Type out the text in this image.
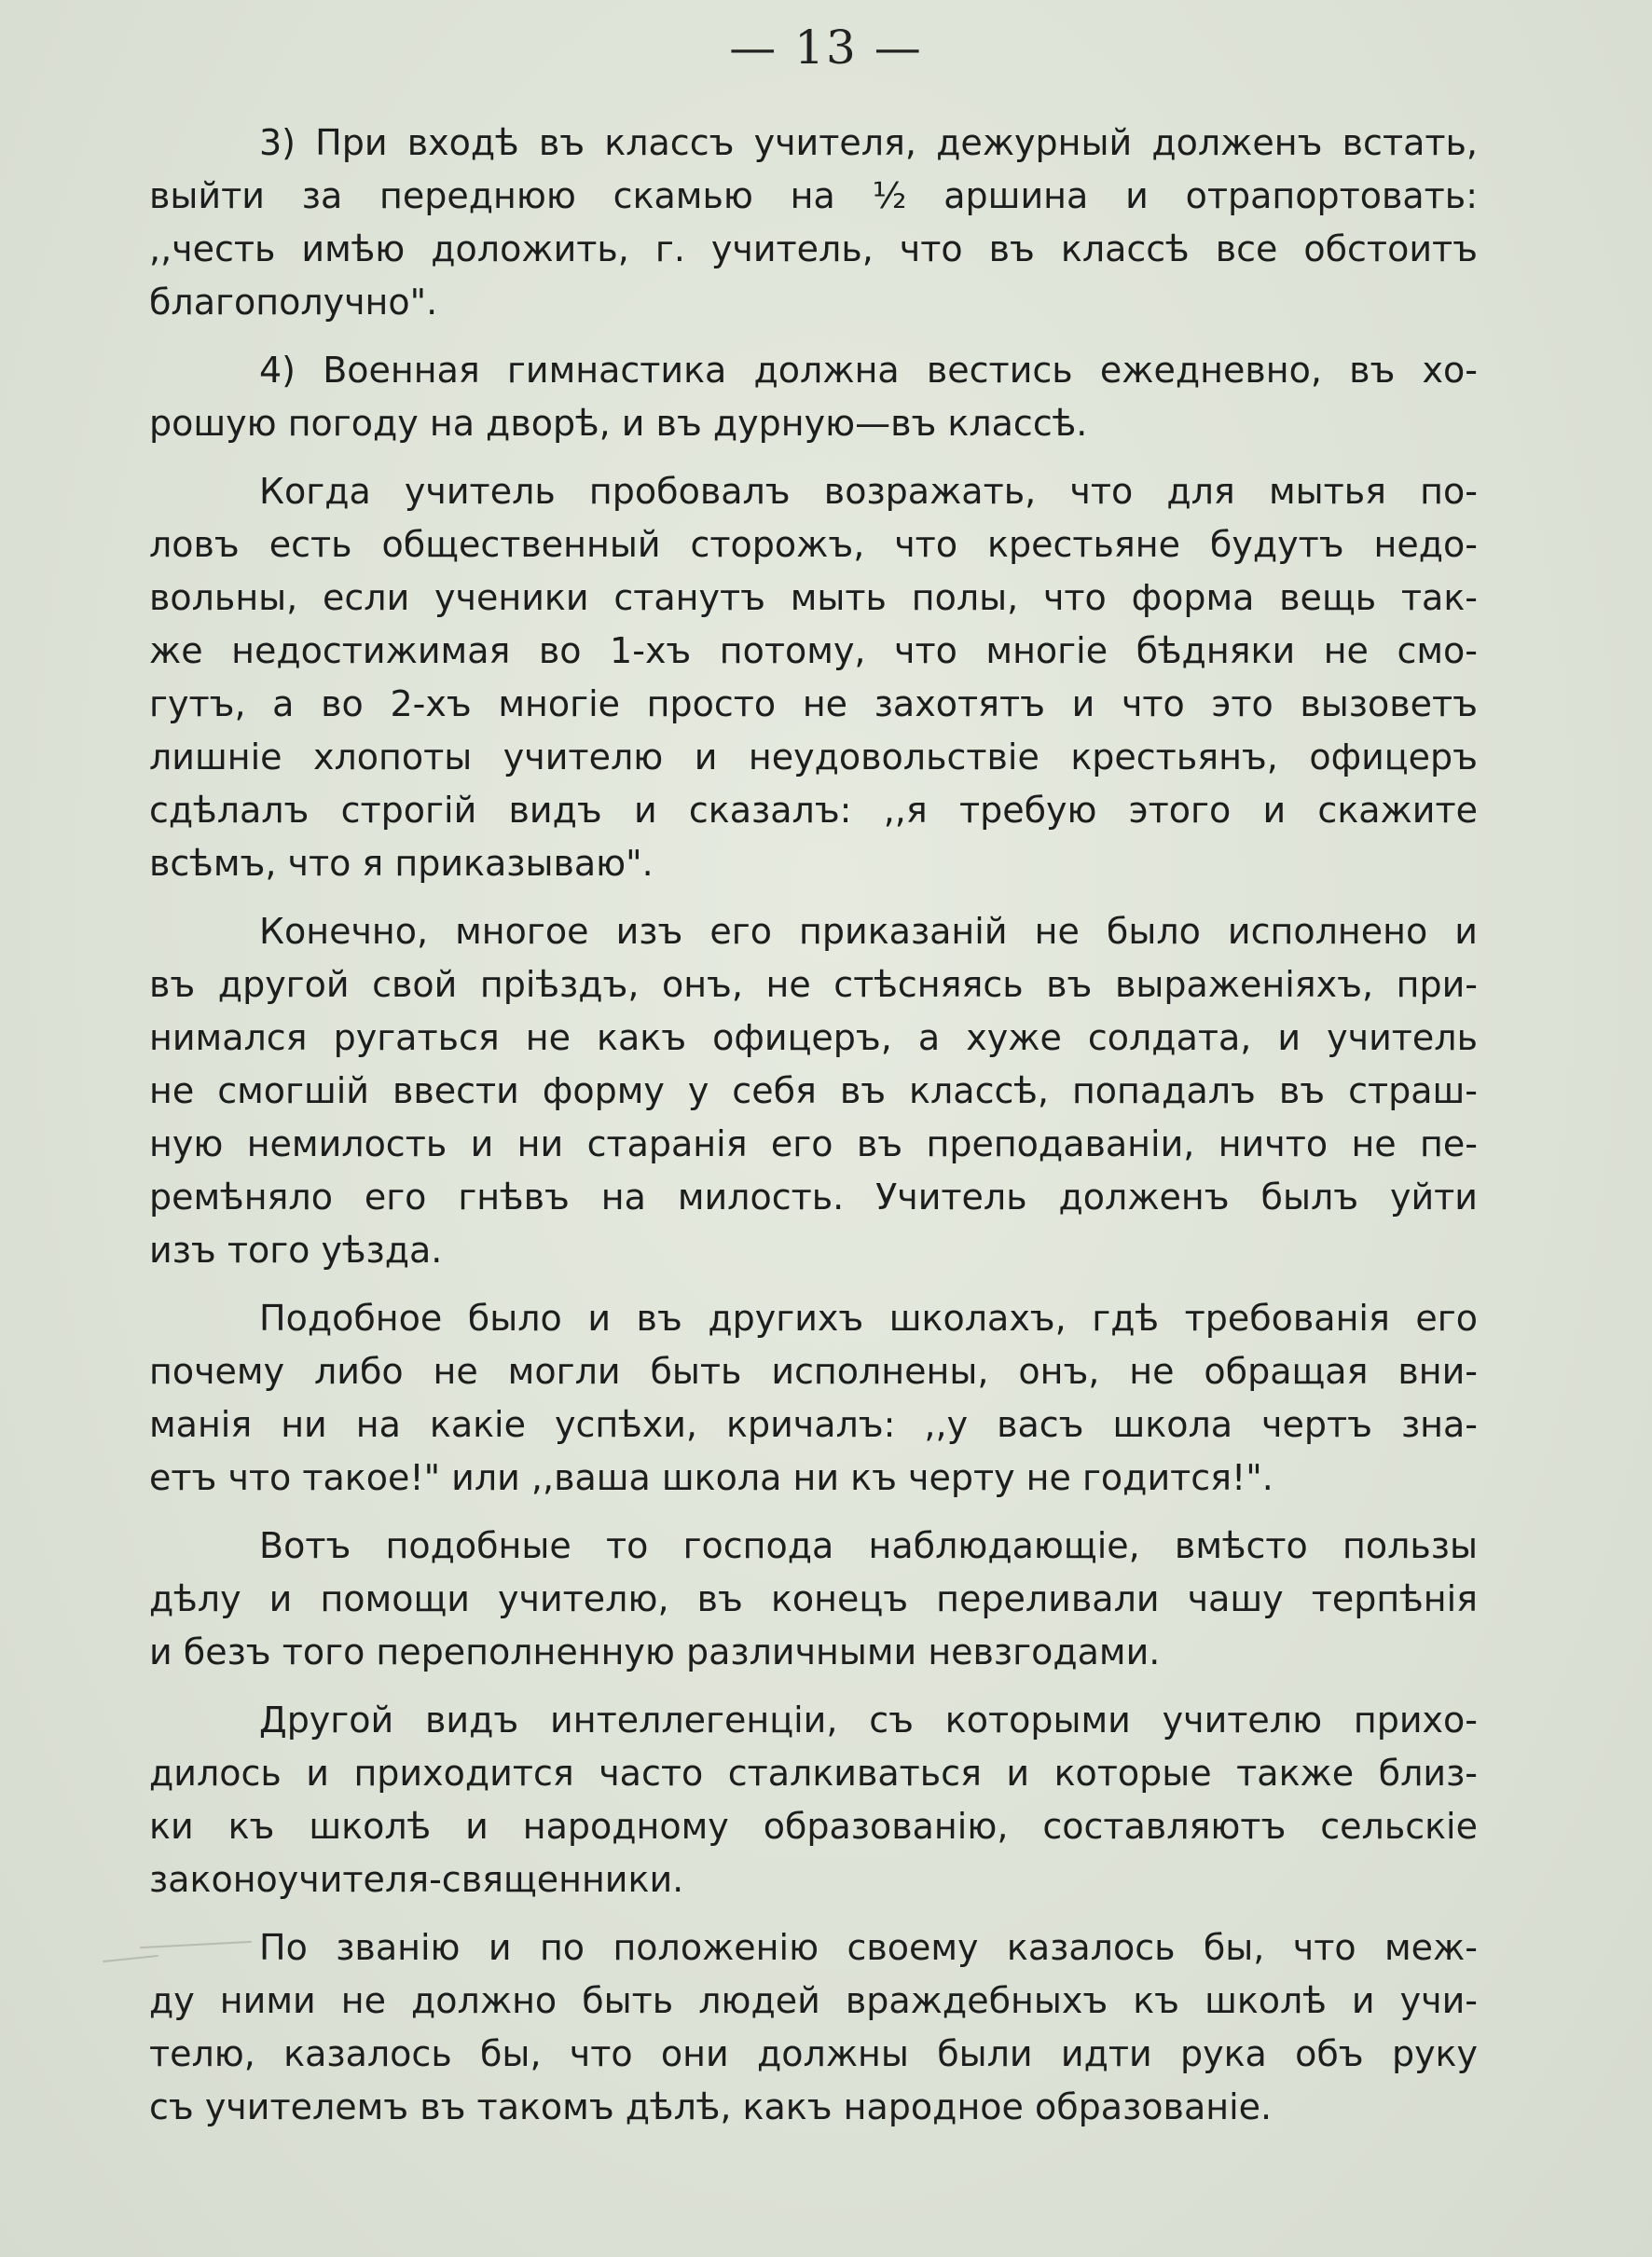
— 13 —
3) При входѣ въ классъ учителя, дежурный долженъ встать,
выйти за переднюю скамью на ½ аршина и отрапортовать:
,,честь имѣю доложить, г. учитель, что въ классѣ все обстоитъ
благополучно".
4) Военная гимнастика должна вестись ежедневно, въ хо-
рошую погоду на дворѣ, и въ дурную—въ классѣ.
Когда учитель пробовалъ возражать, что для мытья по-
ловъ есть общественный сторожъ, что крестьяне будутъ недо-
вольны, если ученики станутъ мыть полы, что форма вещь так-
же недостижимая во 1-хъ потому, что многіе бѣдняки не смо-
гутъ, а во 2-хъ многіе просто не захотятъ и что это вызоветъ
лишніе хлопоты учителю и неудовольствіе крестьянъ, офицеръ
сдѣлалъ строгій видъ и сказалъ: ,,я требую этого и скажите
всѣмъ, что я приказываю".
Конечно, многое изъ его приказаній не было исполнено и
въ другой свой пріѣздъ, онъ, не стѣсняясь въ выраженіяхъ, при-
нимался ругаться не какъ офицеръ, а хуже солдата, и учитель
не смогшій ввести форму у себя въ классѣ, попадалъ въ страш-
ную немилость и ни старанія его въ преподаваніи, ничто не пе-
ремѣняло его гнѣвъ на милость. Учитель долженъ былъ уйти
изъ того уѣзда.
Подобное было и въ другихъ школахъ, гдѣ требованія его
почему либо не могли быть исполнены, онъ, не обращая вни-
манія ни на какіе успѣхи, кричалъ: ,,у васъ школа чертъ зна-
етъ что такое!" или ,,ваша школа ни къ черту не годится!".
Вотъ подобные то господа наблюдающіе, вмѣсто пользы
дѣлу и помощи учителю, въ конецъ переливали чашу терпѣнія
и безъ того переполненную различными невзгодами.
Другой видъ интеллегенціи, съ которыми учителю прихо-
дилось и приходится часто сталкиваться и которые также близ-
ки къ школѣ и народному образованію, составляютъ сельскіе
законоучителя-священники.
По званію и по положенію своему казалось бы, что меж-
ду ними не должно быть людей враждебныхъ къ школѣ и учи-
телю, казалось бы, что они должны были идти рука объ руку
съ учителемъ въ такомъ дѣлѣ, какъ народное образованіе.
